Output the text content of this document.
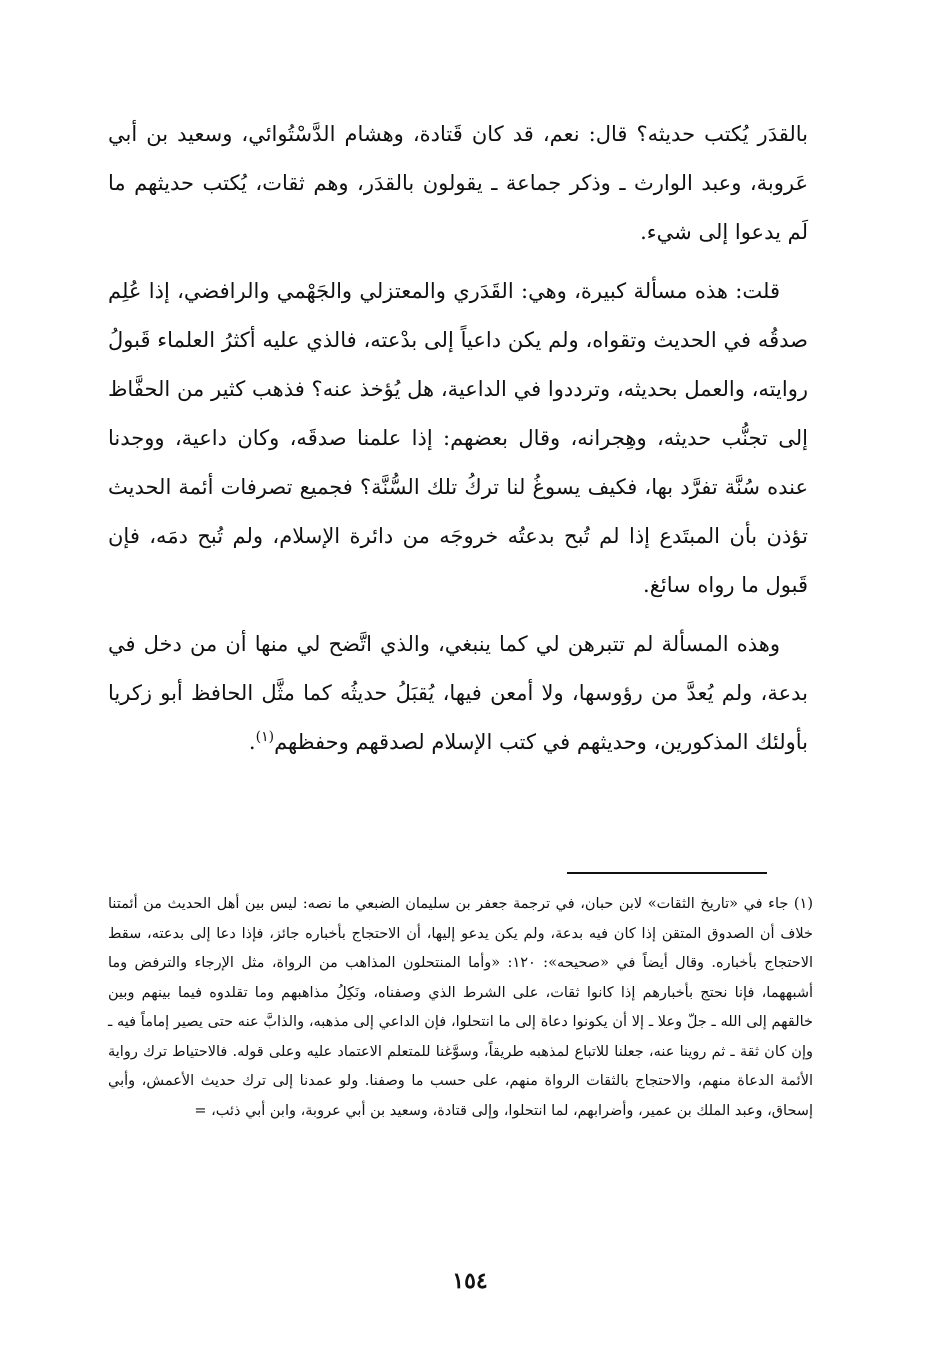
بالقدَر يُكتب حديثه؟ قال: نعم، قد كان قَتادة، وهشام الدَّسْتُوائي، وسعيد بن أبي عَروبة، وعبد الوارث ـ وذكر جماعة ـ يقولون بالقدَر، وهم ثقات، يُكتب حديثهم ما لَم يدعوا إلى شيء.

قلت: هذه مسألة كبيرة، وهي: القَدَري والمعتزلي والجَهْمي والرافضي، إذا عُلِم صدقُه في الحديث وتقواه، ولم يكن داعياً إلى بدْعته، فالذي عليه أكثرُ العلماء قَبولُ روايته، والعمل بحديثه، وترددوا في الداعية، هل يُؤخذ عنه؟ فذهب كثير من الحفَّاظ إلى تجنُّب حديثه، وهِجرانه، وقال بعضهم: إذا علمنا صدقَه، وكان داعية، ووجدنا عنده سُنَّة تفرَّد بها، فكيف يسوغُ لنا تركُ تلك السُّنَّة؟ فجميع تصرفات أئمة الحديث تؤذن بأن المبتَدع إذا لم تُبح بدعتُه خروجَه من دائرة الإسلام، ولم تُبح دمَه، فإن قَبول ما رواه سائغ.

وهذه المسألة لم تتبرهن لي كما ينبغي، والذي اتَّضح لي منها أن من دخل في بدعة، ولم يُعدَّ من رؤوسها، ولا أمعن فيها، يُقبَلُ حديثُه كما مثَّل الحافظ أبو زكريا بأولئك المذكورين، وحديثهم في كتب الإسلام لصدقهم وحفظهم$^{(١)}$.

(١) جاء في «تاريخ الثقات» لابن حبان، في ترجمة جعفر بن سليمان الضبعي ما نصه: ليس بين أهل الحديث من أئمتنا خلاف أن الصدوق المتقن إذا كان فيه بدعة، ولم يكن يدعو إليها، أن الاحتجاج بأخباره جائز، فإذا دعا إلى بدعته، سقط الاحتجاج بأخباره. وقال أيضاً في «صحيحه»: ١٢٠: «وأما المنتحلون المذاهب من الرواة، مثل الإرجاء والترفض وما أشبههما، فإنا نحتج بأخبارهم إذا كانوا ثقات، على الشرط الذي وصفناه، ونَكِلُ مذاهبهم وما تقلدوه فيما بينهم وبين خالقهم إلى الله ـ جلّ وعلا ـ إلا أن يكونوا دعاة إلى ما انتحلوا، فإن الداعي إلى مذهبه، والذابَّ عنه حتى يصير إماماً فيه ـ وإن كان ثقة ـ ثم روينا عنه، جعلنا للاتباع لمذهبه طريقاً، وسوَّغنا للمتعلم الاعتماد عليه وعلى قوله. فالاحتياط ترك رواية الأئمة الدعاة منهم، والاحتجاج بالثقات الرواة منهم، على حسب ما وصفنا. ولو عمدنا إلى ترك حديث الأعمش، وأبي إسحاق، وعبد الملك بن عمير، وأضرابهم، لما انتحلوا، وإلى قتادة، وسعيد بن أبي عروبة، وابن أبي ذئب، =

١٥٤
